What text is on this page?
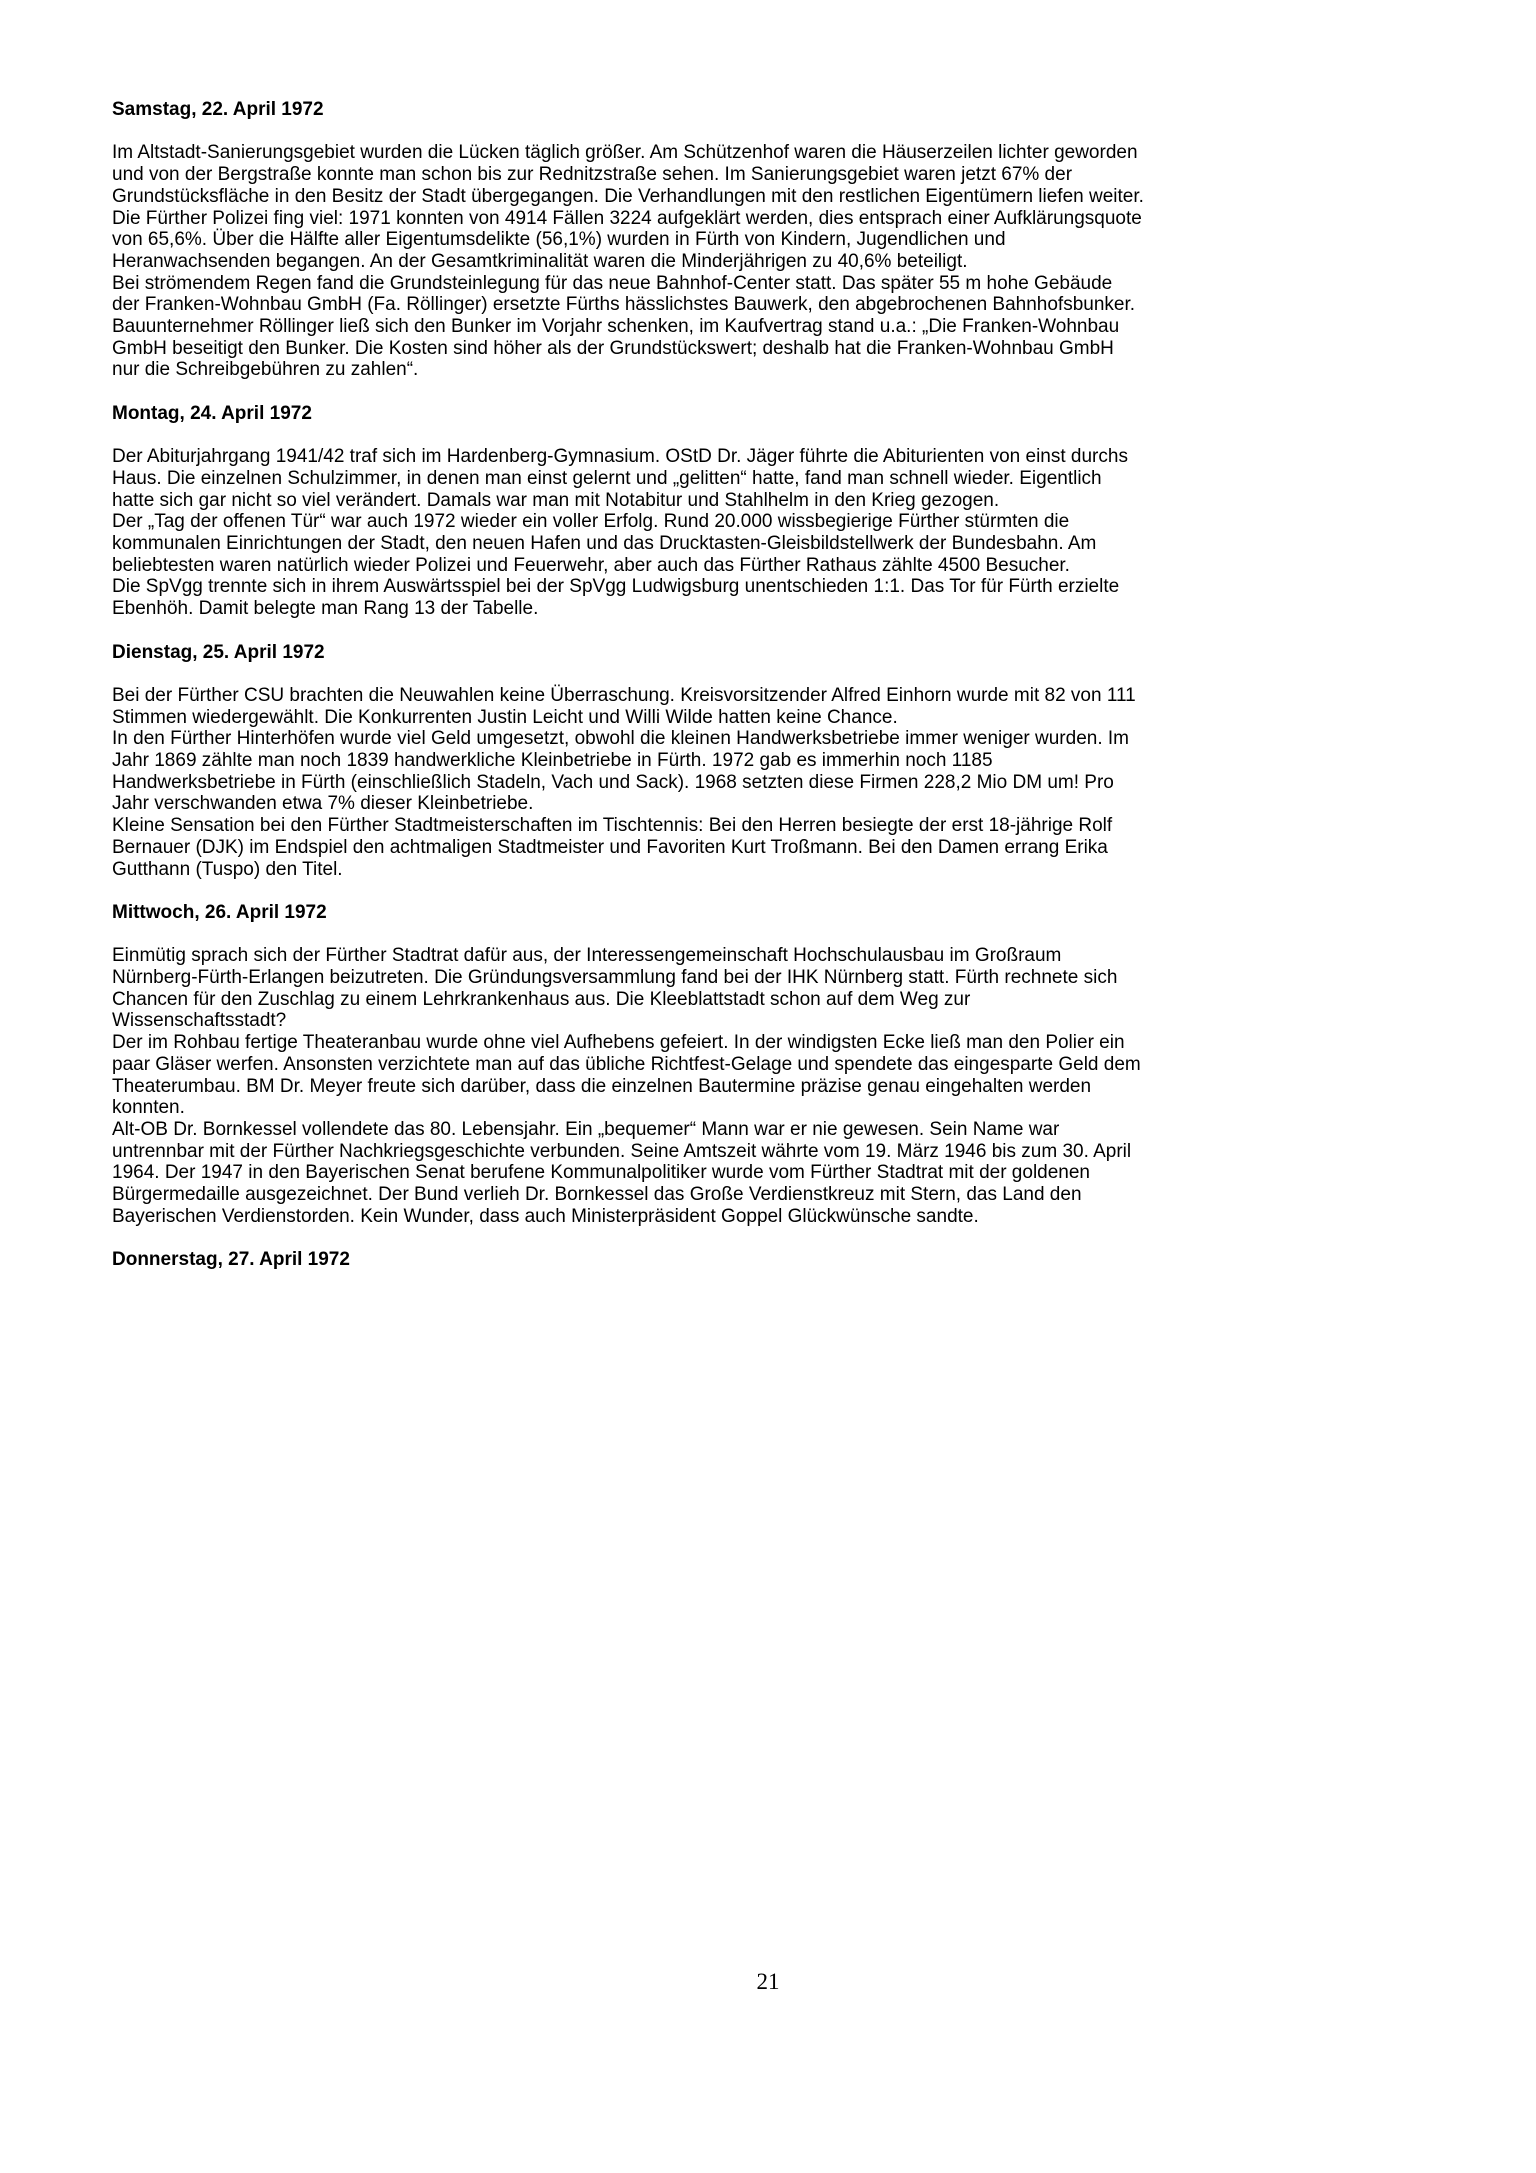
Samstag, 22. April 1972

Im Altstadt-Sanierungsgebiet wurden die Lücken täglich größer. Am Schützenhof waren die Häuserzeilen lichter geworden und von der Bergstraße konnte man schon bis zur Rednitzstraße sehen. Im Sanierungsgebiet waren jetzt 67% der Grundstücksfläche in den Besitz der Stadt übergegangen. Die Verhandlungen mit den restlichen Eigentümern liefen weiter.

Die Fürther Polizei fing viel: 1971 konnten von 4914 Fällen 3224 aufgeklärt werden, dies entsprach einer Aufklärungsquote von 65,6%. Über die Hälfte aller Eigentumsdelikte (56,1%) wurden in Fürth von Kindern, Jugendlichen und Heranwachsenden begangen. An der Gesamtkriminalität waren die Minderjährigen zu 40,6% beteiligt.

Bei strömendem Regen fand die Grundsteinlegung für das neue Bahnhof-Center statt. Das später 55 m hohe Gebäude der Franken-Wohnbau GmbH (Fa. Röllinger) ersetzte Fürths hässlichstes Bauwerk, den abgebrochenen Bahnhofsbunker. Bauunternehmer Röllinger ließ sich den Bunker im Vorjahr schenken, im Kaufvertrag stand u.a.: „Die Franken-Wohnbau GmbH beseitigt den Bunker. Die Kosten sind höher als der Grundstückswert; deshalb hat die Franken-Wohnbau GmbH nur die Schreibgebühren zu zahlen“.

Montag, 24. April 1972

Der Abiturjahrgang 1941/42 traf sich im Hardenberg-Gymnasium. OStD Dr. Jäger führte die Abiturienten von einst durchs Haus. Die einzelnen Schulzimmer, in denen man einst gelernt und „gelitten“ hatte, fand man schnell wieder. Eigentlich hatte sich gar nicht so viel verändert. Damals war man mit Notabitur und Stahlhelm in den Krieg gezogen.

Der „Tag der offenen Tür“ war auch 1972 wieder ein voller Erfolg. Rund 20.000 wissbegierige Fürther stürmten die kommunalen Einrichtungen der Stadt, den neuen Hafen und das Drucktasten-Gleisbildstellwerk der Bundesbahn. Am beliebtesten waren natürlich wieder Polizei und Feuerwehr, aber auch das Fürther Rathaus zählte 4500 Besucher.

Die SpVgg trennte sich in ihrem Auswärtsspiel bei der SpVgg Ludwigsburg unentschieden 1:1. Das Tor für Fürth erzielte Ebenhöh. Damit belegte man Rang 13 der Tabelle.

Dienstag, 25. April 1972

Bei der Fürther CSU brachten die Neuwahlen keine Überraschung. Kreisvorsitzender Alfred Einhorn wurde mit 82 von 111 Stimmen wiedergewählt. Die Konkurrenten Justin Leicht und Willi Wilde hatten keine Chance.

In den Fürther Hinterhöfen wurde viel Geld umgesetzt, obwohl die kleinen Handwerksbetriebe immer weniger wurden. Im Jahr 1869 zählte man noch 1839 handwerkliche Kleinbetriebe in Fürth. 1972 gab es immerhin noch 1185 Handwerksbetriebe in Fürth (einschließlich Stadeln, Vach und Sack). 1968 setzten diese Firmen 228,2 Mio DM um! Pro Jahr verschwanden etwa 7% dieser Kleinbetriebe.

Kleine Sensation bei den Fürther Stadtmeisterschaften im Tischtennis: Bei den Herren besiegte der erst 18-jährige Rolf Bernauer (DJK) im Endspiel den achtmaligen Stadtmeister und Favoriten Kurt Troßmann. Bei den Damen errang Erika Gutthann (Tuspo) den Titel.

Mittwoch, 26. April 1972

Einmütig sprach sich der Fürther Stadtrat dafür aus, der Interessengemeinschaft Hochschulausbau im Großraum Nürnberg-Fürth-Erlangen beizutreten. Die Gründungsversammlung fand bei der IHK Nürnberg statt. Fürth rechnete sich Chancen für den Zuschlag zu einem Lehrkrankenhaus aus. Die Kleeblattstadt schon auf dem Weg zur Wissenschaftsstadt?

Der im Rohbau fertige Theateranbau wurde ohne viel Aufhebens gefeiert. In der windigsten Ecke ließ man den Polier ein paar Gläser werfen. Ansonsten verzichtete man auf das übliche Richtfest-Gelage und spendete das eingesparte Geld dem Theaterumbau. BM Dr. Meyer freute sich darüber, dass die einzelnen Bautermine präzise genau eingehalten werden konnten.

Alt-OB Dr. Bornkessel vollendete das 80. Lebensjahr. Ein „bequemer“ Mann war er nie gewesen. Sein Name war untrennbar mit der Fürther Nachkriegsgeschichte verbunden. Seine Amtszeit währte vom 19. März 1946 bis zum 30. April 1964. Der 1947 in den Bayerischen Senat berufene Kommunalpolitiker wurde vom Fürther Stadtrat mit der goldenen Bürgermedaille ausgezeichnet. Der Bund verlieh Dr. Bornkessel das Große Verdienstkreuz mit Stern, das Land den Bayerischen Verdienstorden. Kein Wunder, dass auch Ministerpräsident Goppel Glückwünsche sandte.

Donnerstag, 27. April 1972
21
